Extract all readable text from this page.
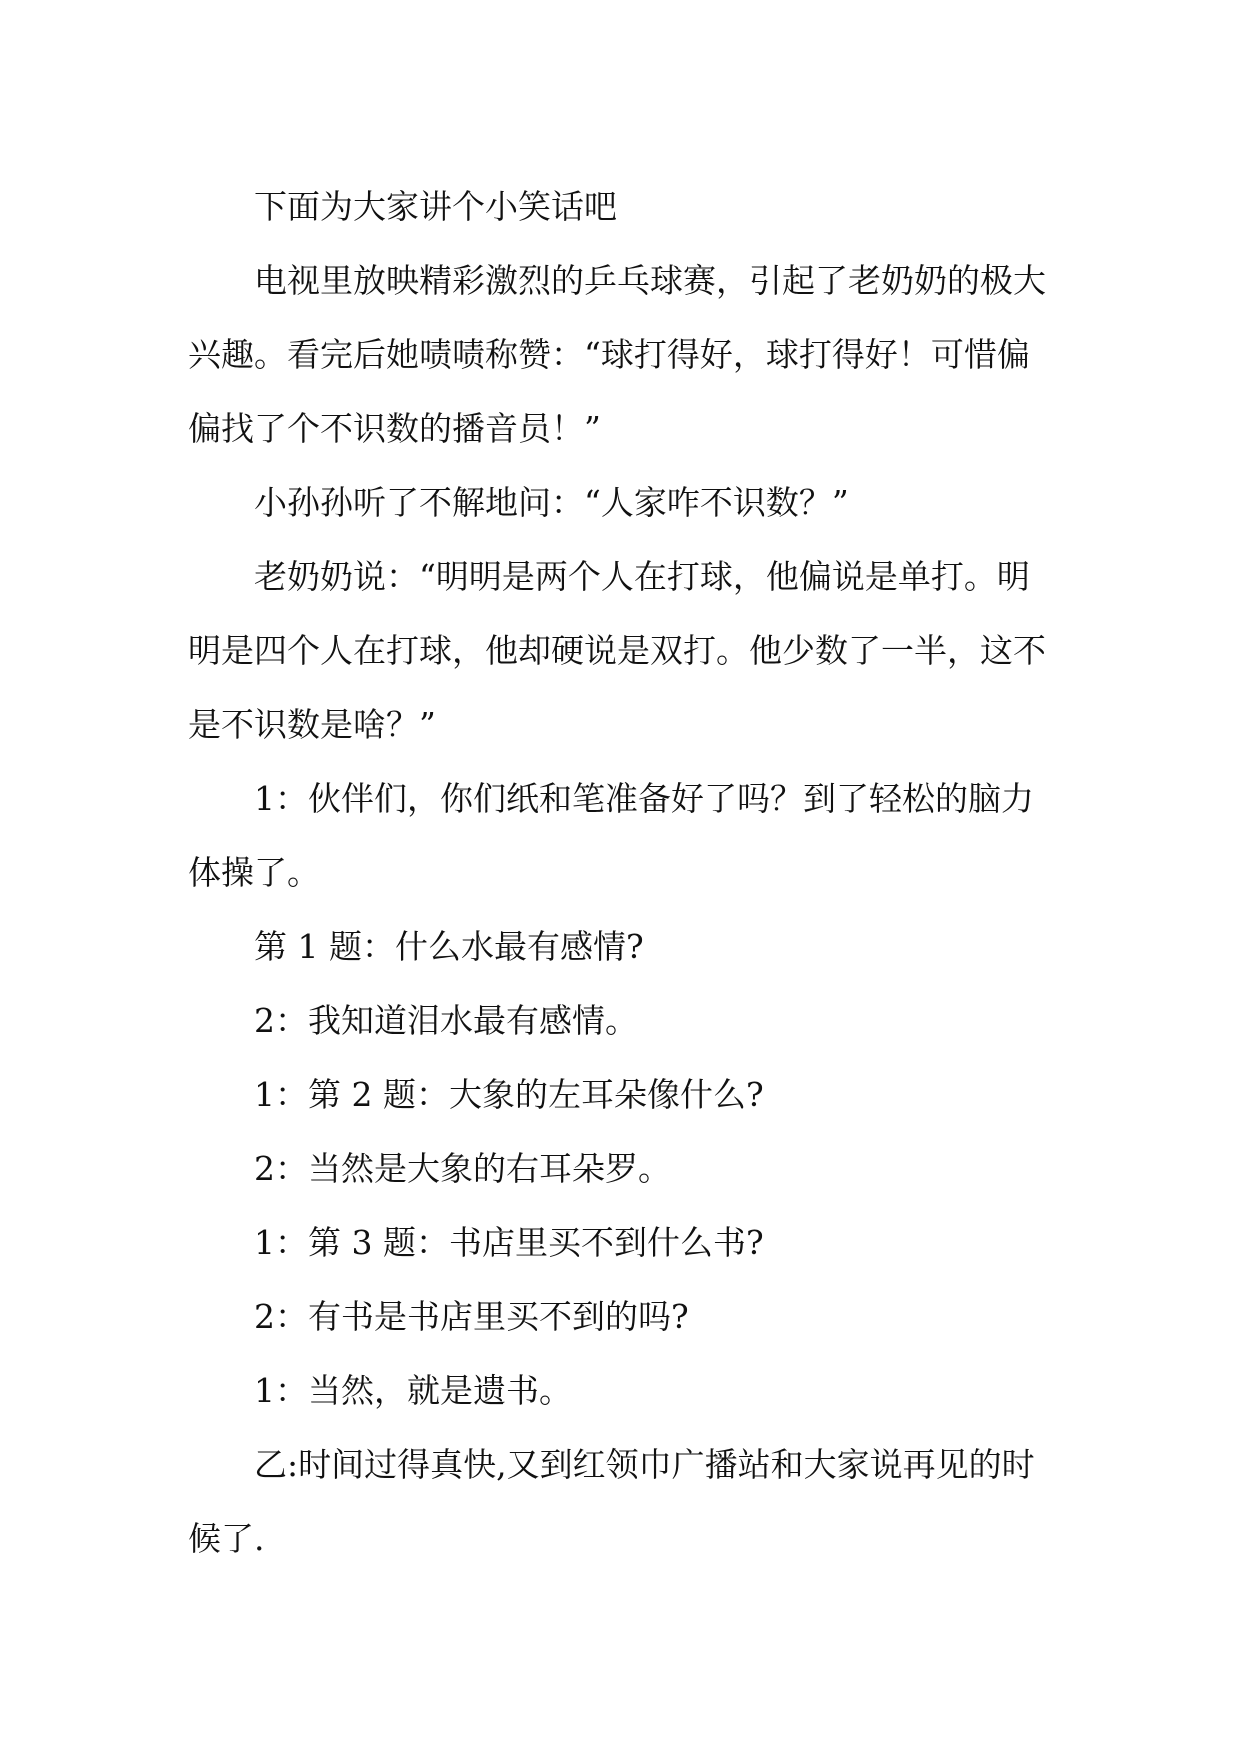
下面为大家讲个小笑话吧

电视里放映精彩激烈的乒乓球赛，引起了老奶奶的极大兴趣。看完后她啧啧称赞：“球打得好，球打得好！可惜偏偏找了个不识数的播音员！”

小孙孙听了不解地问：“人家咋不识数？”

老奶奶说：“明明是两个人在打球，他偏说是单打。明明是四个人在打球，他却硬说是双打。他少数了一半，这不是不识数是啥？”

1：伙伴们，你们纸和笔准备好了吗？到了轻松的脑力体操了。

第 1 题：什么水最有感情?

2：我知道泪水最有感情。

1：第 2 题：大象的左耳朵像什么?

2：当然是大象的右耳朵罗。

1：第 3 题：书店里买不到什么书?

2：有书是书店里买不到的吗?

1：当然，就是遗书。

乙:时间过得真快,又到红领巾广播站和大家说再见的时候了.
